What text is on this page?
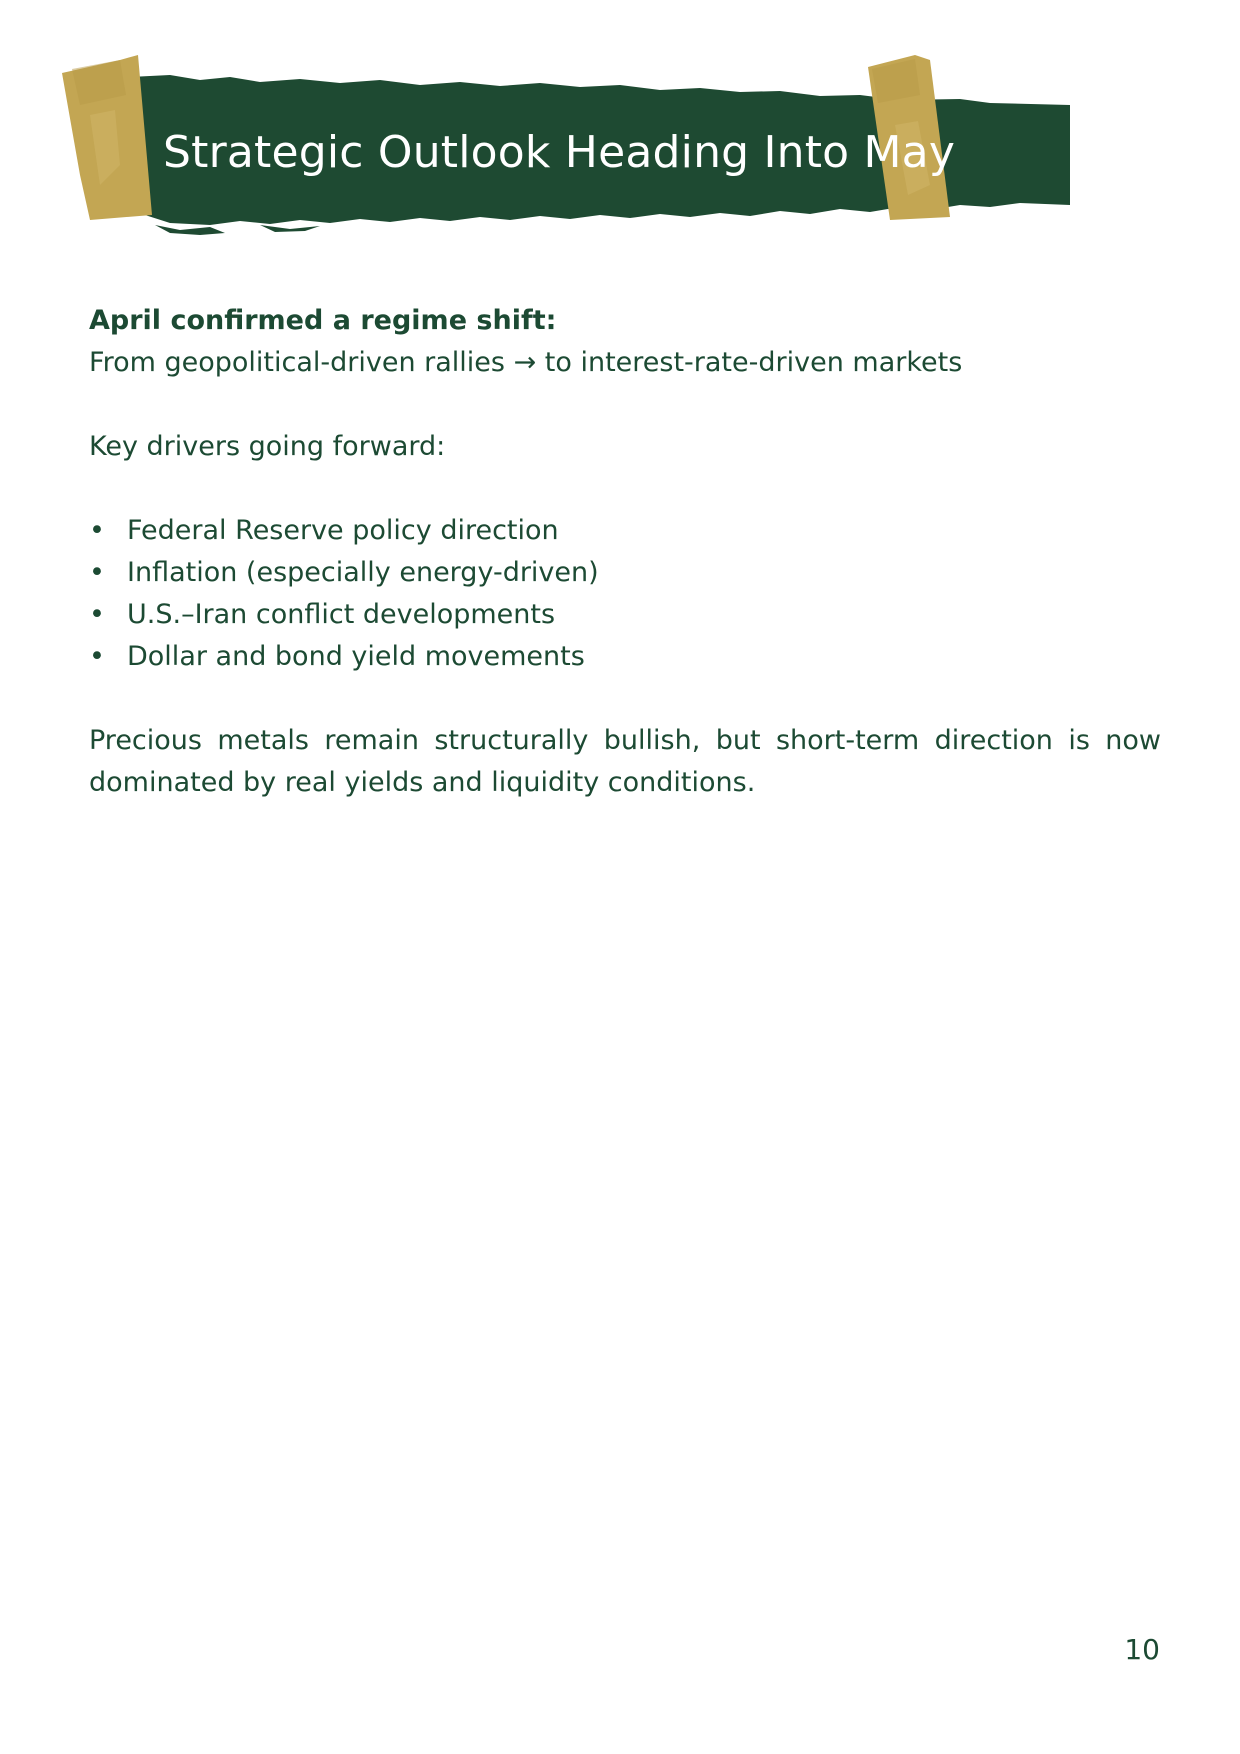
Strategic Outlook Heading Into May

April confirmed a regime shift:

From geopolitical-driven rallies → to interest-rate-driven markets

Key drivers going forward:

• Federal Reserve policy direction
• Inflation (especially energy-driven)
• U.S.–Iran conflict developments
• Dollar and bond yield movements

Precious metals remain structurally bullish, but short-term direction is now dominated by real yields and liquidity conditions.

10
